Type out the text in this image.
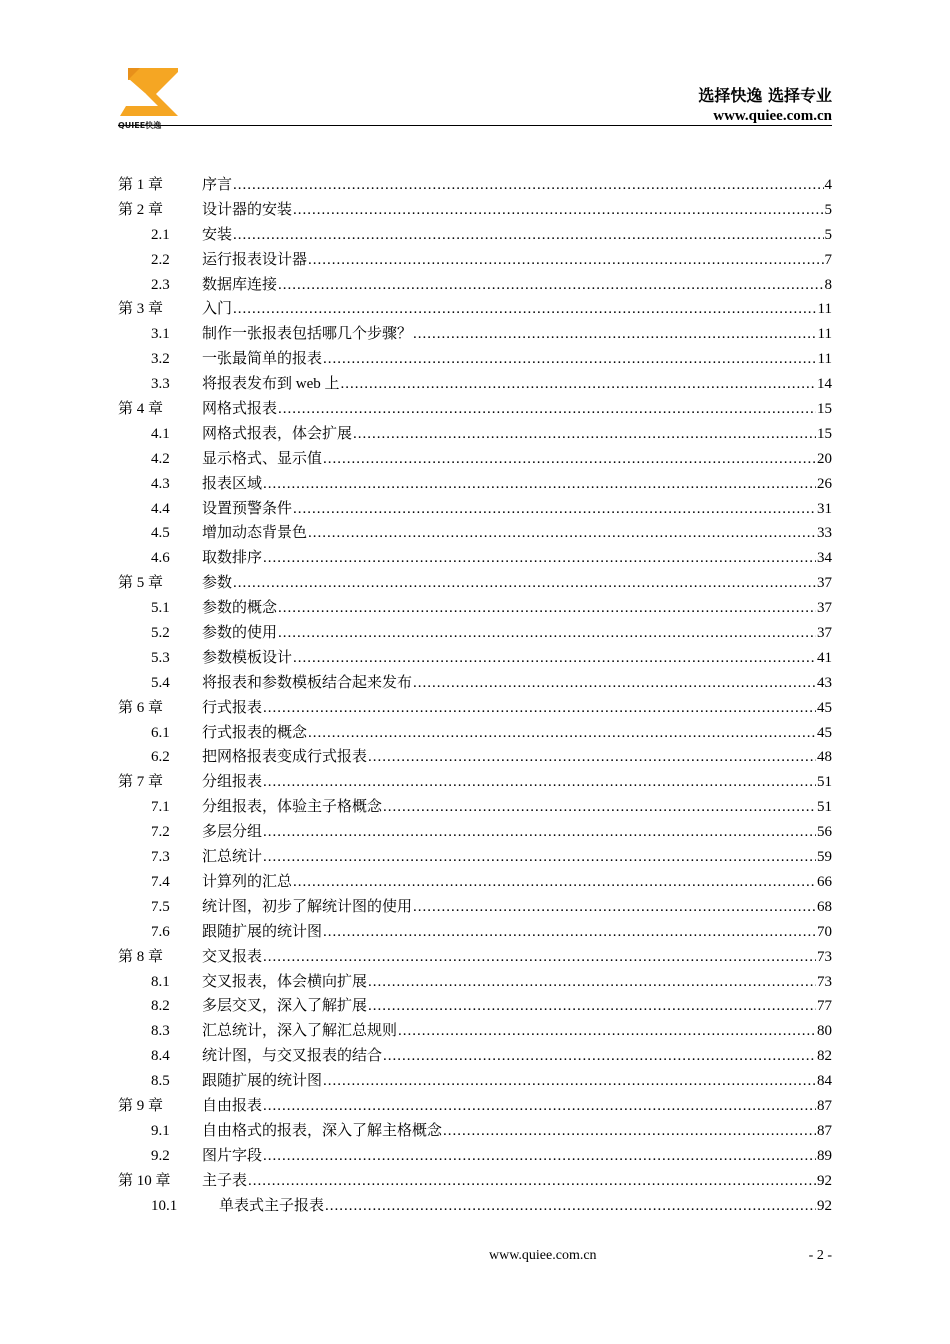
QUIEE快逸
选择快逸 选择专业
www.quiee.com.cn
第 1 章	序言 .....	4
第 2 章	设计器的安装 .....	5
2.1	安装 .....	5
2.2	运行报表设计器 .....	7
2.3	数据库连接 .....	8
第 3 章	入门 .....	11
3.1	制作一张报表包括哪几个步骤？ .....	11
3.2	一张最简单的报表 .....	11
3.3	将报表发布到 web 上 .....	14
第 4 章	网格式报表 .....	15
4.1	网格式报表，体会扩展 .....	15
4.2	显示格式、显示值 .....	20
4.3	报表区域 .....	26
4.4	设置预警条件 .....	31
4.5	增加动态背景色 .....	33
4.6	取数排序 .....	34
第 5 章	参数 .....	37
5.1	参数的概念 .....	37
5.2	参数的使用 .....	37
5.3	参数模板设计 .....	41
5.4	将报表和参数模板结合起来发布 .....	43
第 6 章	行式报表 .....	45
6.1	行式报表的概念 .....	45
6.2	把网格报表变成行式报表 .....	48
第 7 章	分组报表 .....	51
7.1	分组报表，体验主子格概念 .....	51
7.2	多层分组 .....	56
7.3	汇总统计 .....	59
7.4	计算列的汇总 .....	66
7.5	统计图，初步了解统计图的使用 .....	68
7.6	跟随扩展的统计图 .....	70
第 8 章	交叉报表 .....	73
8.1	交叉报表，体会横向扩展 .....	73
8.2	多层交叉，深入了解扩展 .....	77
8.3	汇总统计，深入了解汇总规则 .....	80
8.4	统计图，与交叉报表的结合 .....	82
8.5	跟随扩展的统计图 .....	84
第 9 章	自由报表 .....	87
9.1	自由格式的报表，深入了解主格概念 .....	87
9.2	图片字段 .....	89
第 10 章	主子表 .....	92
10.1	单表式主子报表 .....	92
www.quiee.com.cn	- 2 -
